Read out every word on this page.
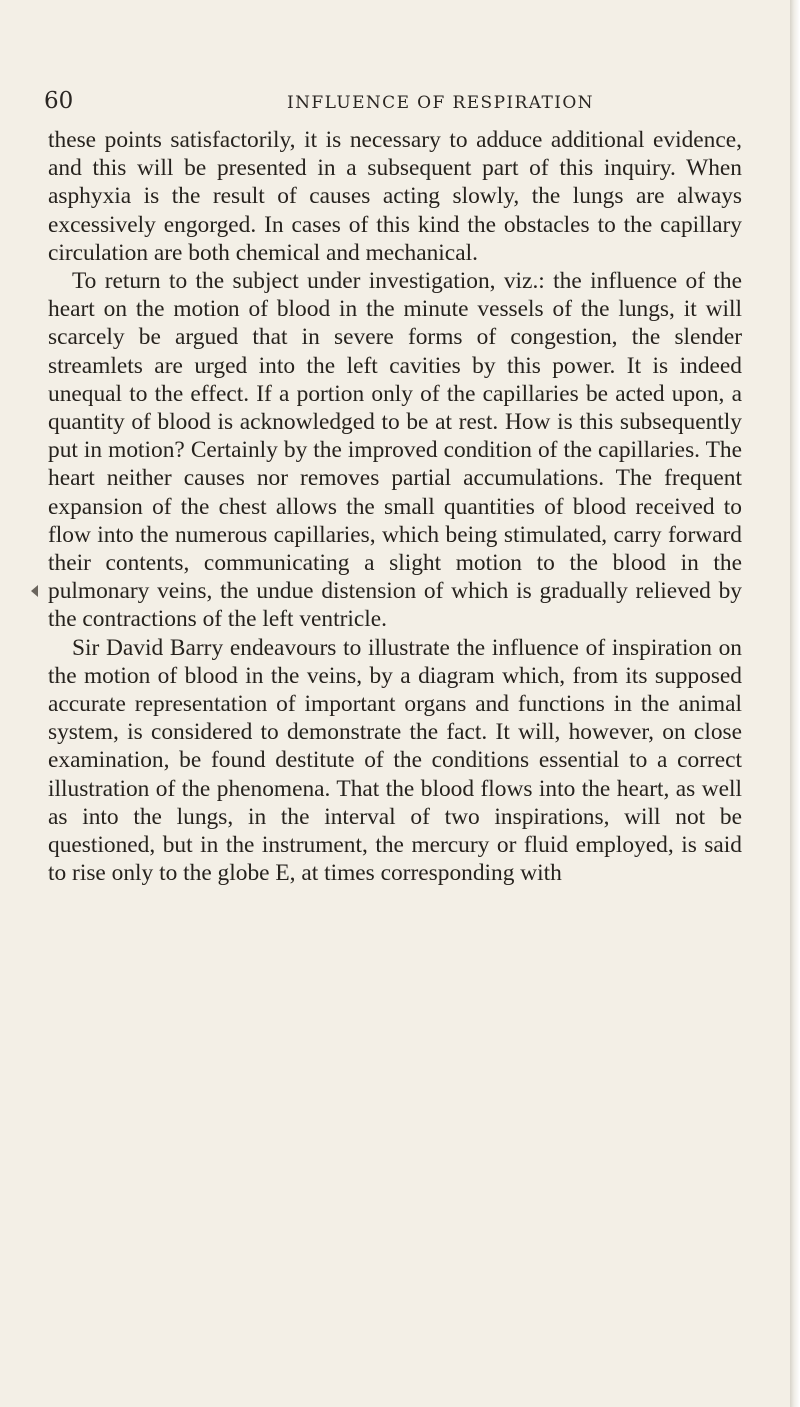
60	INFLUENCE OF RESPIRATION

these points satisfactorily, it is necessary to adduce additional evidence, and this will be presented in a subsequent part of this inquiry. When asphyxia is the result of causes acting slowly, the lungs are always excessively engorged. In cases of this kind the obstacles to the capillary circulation are both chemical and mechanical.

To return to the subject under investigation, viz.: the influence of the heart on the motion of blood in the minute vessels of the lungs, it will scarcely be argued that in severe forms of congestion, the slender streamlets are urged into the left cavities by this power. It is indeed unequal to the effect. If a portion only of the capillaries be acted upon, a quantity of blood is acknowledged to be at rest. How is this subsequently put in motion? Certainly by the improved condition of the capillaries. The heart neither causes nor removes partial accumulations. The frequent expansion of the chest allows the small quantities of blood received to flow into the numerous capillaries, which being stimulated, carry forward their contents, communicating a slight motion to the blood in the pulmonary veins, the undue distension of which is gradually relieved by the contractions of the left ventricle.

Sir David Barry endeavours to illustrate the influence of inspiration on the motion of blood in the veins, by a diagram which, from its supposed accurate representation of important organs and functions in the animal system, is considered to demonstrate the fact. It will, however, on close examination, be found destitute of the conditions essential to a correct illustration of the phenomena. That the blood flows into the heart, as well as into the lungs, in the interval of two inspirations, will not be questioned, but in the instrument, the mercury or fluid employed, is said to rise only to the globe E, at times corresponding with
